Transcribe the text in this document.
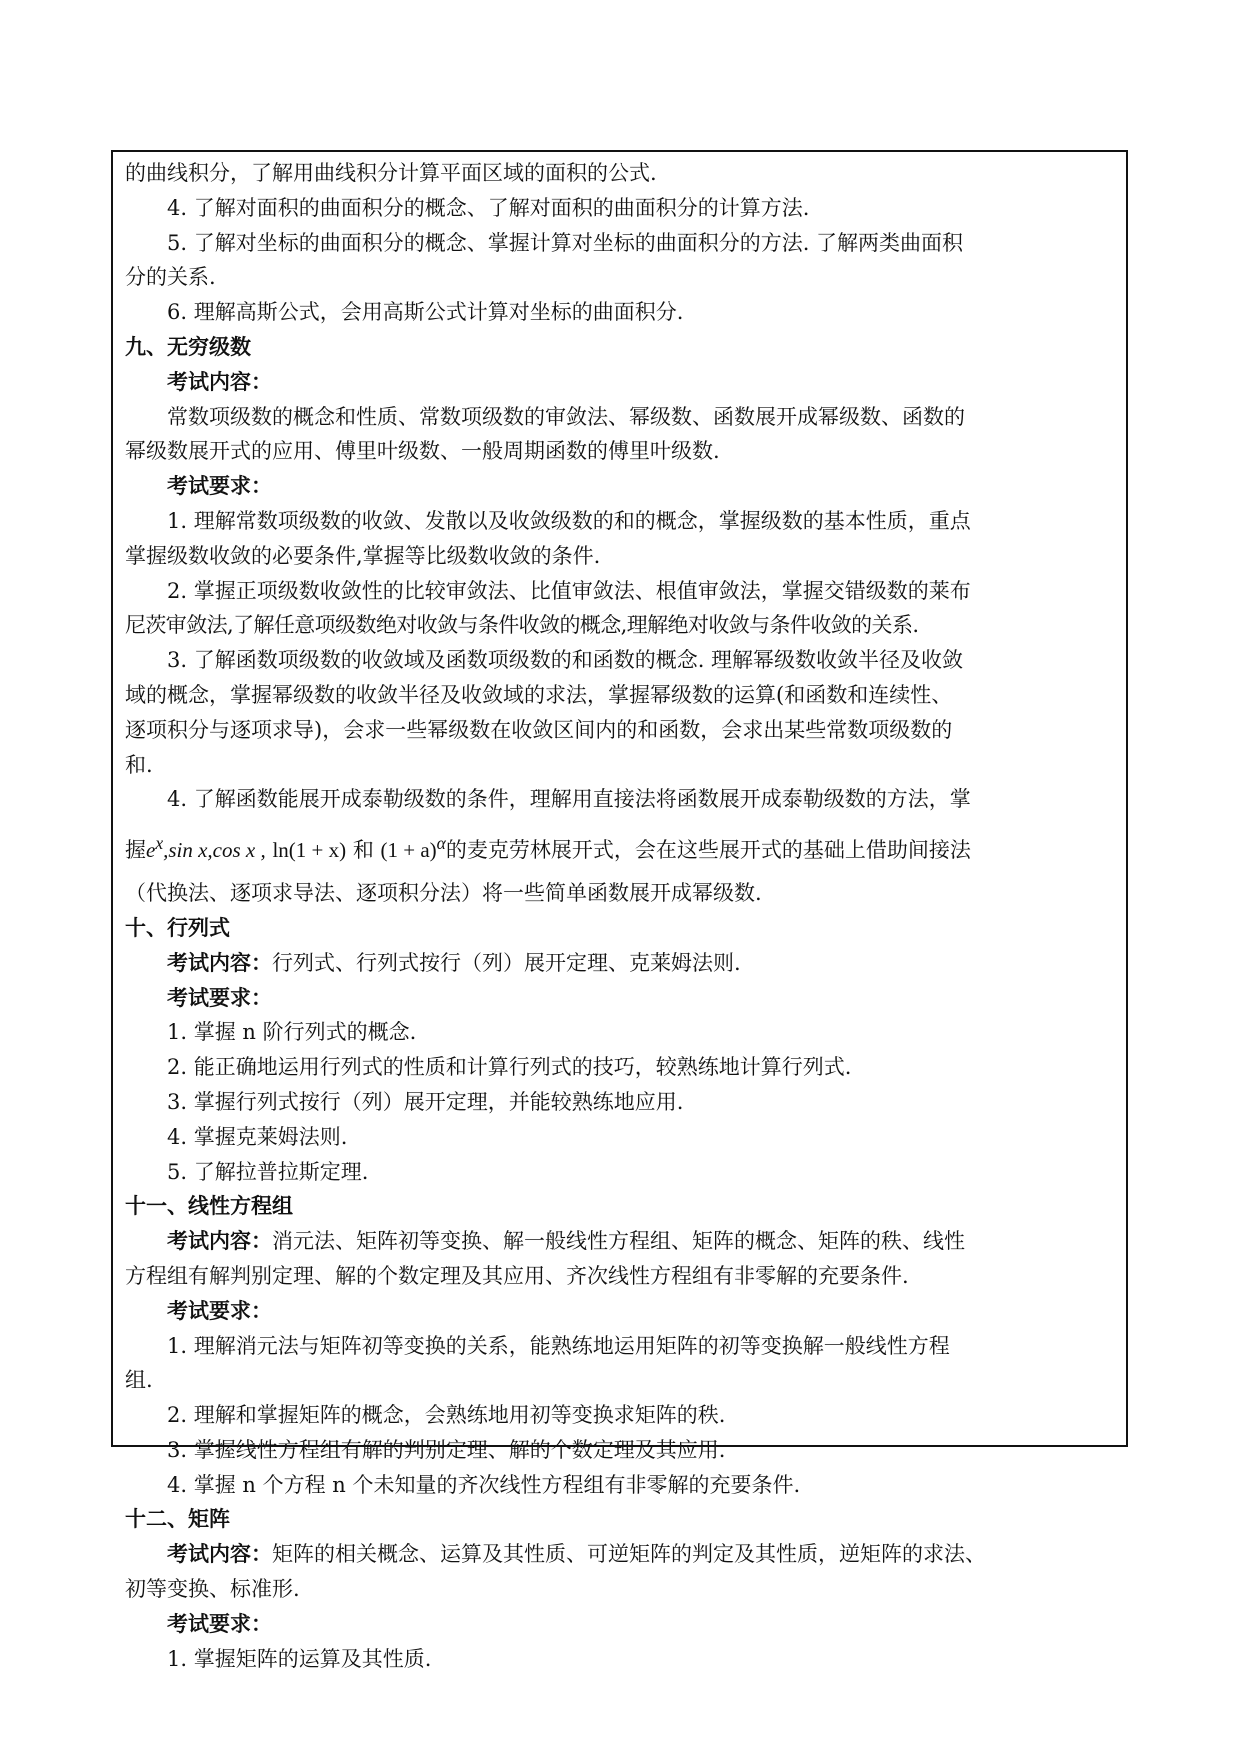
的曲线积分，了解用曲线积分计算平面区域的面积的公式.
4. 了解对面积的曲面积分的概念、了解对面积的曲面积分的计算方法.
5. 了解对坐标的曲面积分的概念、掌握计算对坐标的曲面积分的方法. 了解两类曲面积
分的关系.
6. 理解高斯公式，会用高斯公式计算对坐标的曲面积分.
九、无穷级数
考试内容：
常数项级数的概念和性质、常数项级数的审敛法、幂级数、函数展开成幂级数、函数的
幂级数展开式的应用、傅里叶级数、一般周期函数的傅里叶级数.
考试要求：
1. 理解常数项级数的收敛、发散以及收敛级数的和的概念，掌握级数的基本性质，重点
掌握级数收敛的必要条件,掌握等比级数收敛的条件.
2. 掌握正项级数收敛性的比较审敛法、比值审敛法、根值审敛法，掌握交错级数的莱布
尼茨审敛法,了解任意项级数绝对收敛与条件收敛的概念,理解绝对收敛与条件收敛的关系.
3. 了解函数项级数的收敛域及函数项级数的和函数的概念. 理解幂级数收敛半径及收敛
域的概念，掌握幂级数的收敛半径及收敛域的求法，掌握幂级数的运算(和函数和连续性、
逐项积分与逐项求导)，会求一些幂级数在收敛区间内的和函数，会求出某些常数项级数的
和.
4. 了解函数能展开成泰勒级数的条件，理解用直接法将函数展开成泰勒级数的方法，掌
握$e^x,\sin$ x,cos x , ln(1 + x) 和 $(1 + a)^\alpha$的麦克劳林展开式，会在这些展开式的基础上借助间接法
（代换法、逐项求导法、逐项积分法）将一些简单函数展开成幂级数.
十、行列式
考试内容：行列式、行列式按行（列）展开定理、克莱姆法则.
考试要求：
1. 掌握 n 阶行列式的概念.
2. 能正确地运用行列式的性质和计算行列式的技巧，较熟练地计算行列式.
3. 掌握行列式按行（列）展开定理，并能较熟练地应用.
4. 掌握克莱姆法则.
5. 了解拉普拉斯定理.
十一、线性方程组
考试内容：消元法、矩阵初等变换、解一般线性方程组、矩阵的概念、矩阵的秩、线性
方程组有解判别定理、解的个数定理及其应用、齐次线性方程组有非零解的充要条件.
考试要求：
1. 理解消元法与矩阵初等变换的关系，能熟练地运用矩阵的初等变换解一般线性方程
组.
2. 理解和掌握矩阵的概念，会熟练地用初等变换求矩阵的秩.
3. 掌握线性方程组有解的判别定理、解的个数定理及其应用.
4. 掌握 n 个方程 n 个未知量的齐次线性方程组有非零解的充要条件.
十二、矩阵
考试内容：矩阵的相关概念、运算及其性质、可逆矩阵的判定及其性质，逆矩阵的求法、
初等变换、标准形.
考试要求：
1. 掌握矩阵的运算及其性质.
